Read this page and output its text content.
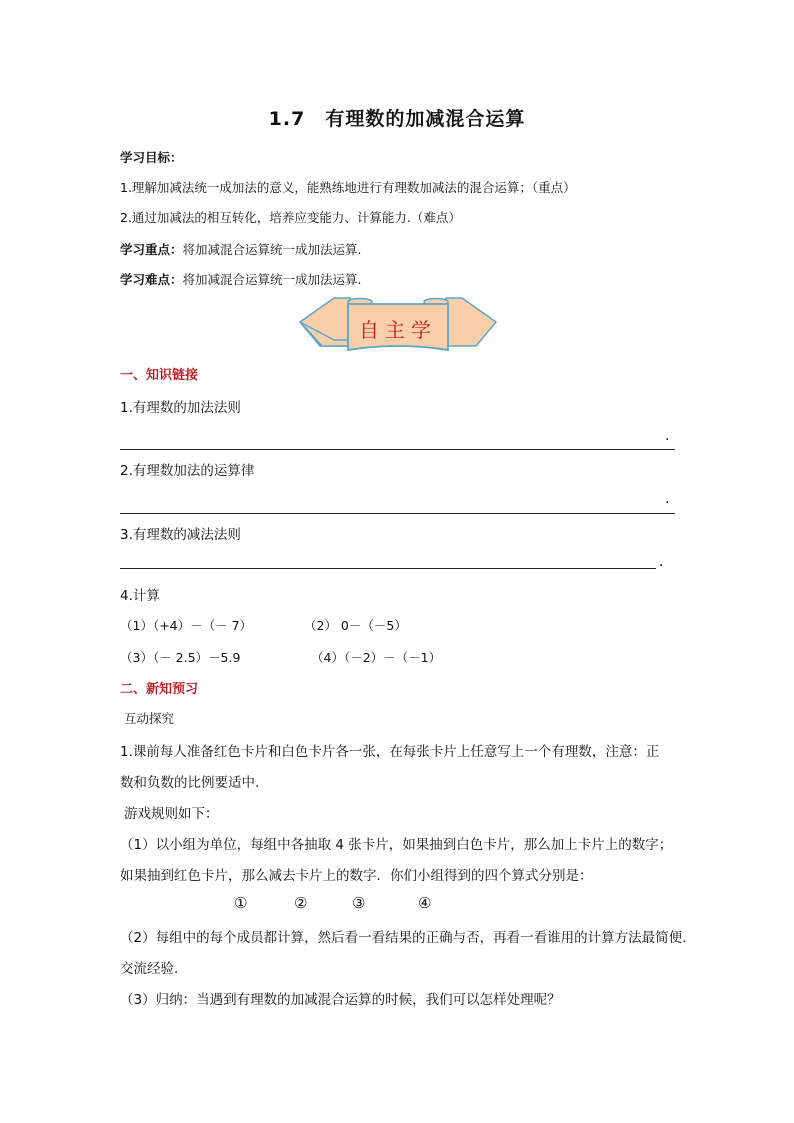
1.7　有理数的加减混合运算
学习目标：
1.理解加减法统一成加法的意义，能熟练地进行有理数加减法的混合运算；（重点）
2.通过加减法的相互转化，培养应变能力、计算能力.（难点）
学习重点：将加减混合运算统一成加法运算.
学习难点：将加减混合运算统一成加法运算.
自主学
一、知识链接
1.有理数的加法法则
.
2.有理数加法的运算律
.
3.有理数的减法法则
.
4.计算
（1）（+4）－（－ 7）	（2） 0－（－5）
（3）（－ 2.5）－5.9	（4）（－2）－（－1）
二、新知预习
互动探究
1.课前每人准备红色卡片和白色卡片各一张，在每张卡片上任意写上一个有理数，注意：正
数和负数的比例要适中.
游戏规则如下：
（1）以小组为单位，每组中各抽取 4 张卡片，如果抽到白色卡片，那么加上卡片上的数字；
如果抽到红色卡片，那么减去卡片上的数字．你们小组得到的四个算式分别是：
①	②	③	④
（2）每组中的每个成员都计算，然后看一看结果的正确与否，再看一看谁用的计算方法最简便.
交流经验.
（3）归纳：当遇到有理数的加减混合运算的时候，我们可以怎样处理呢？
